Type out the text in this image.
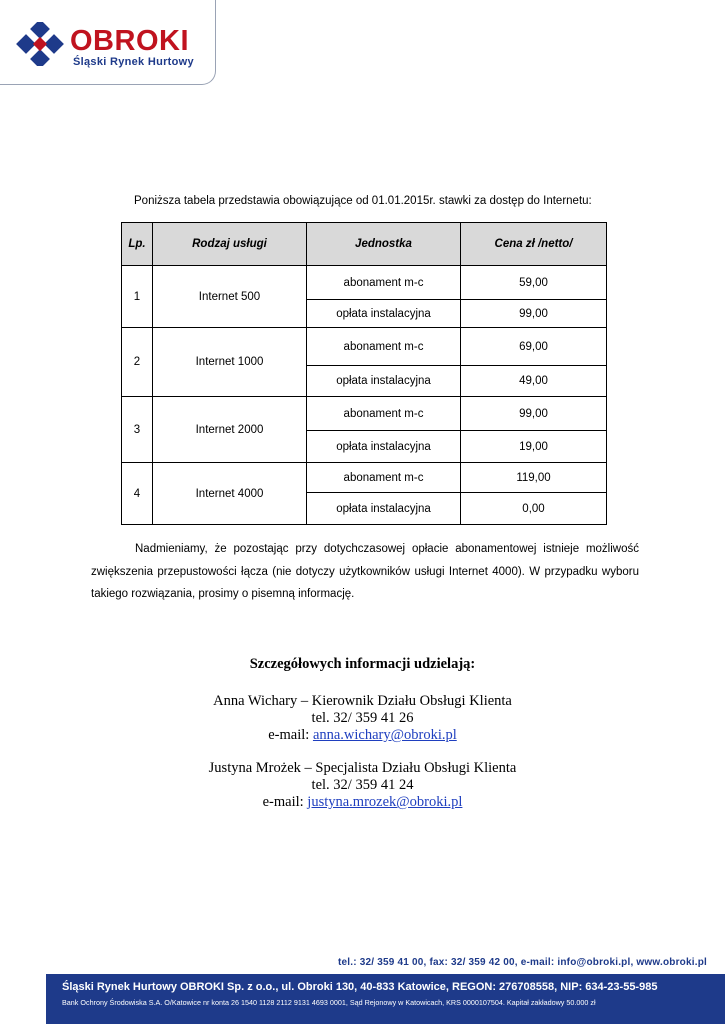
OBROKI
Śląski Rynek Hurtowy
Poniższa tabela przedstawia obowiązujące od 01.01.2015r. stawki za dostęp do Internetu:
Lp.	Rodzaj usługi	Jednostka	Cena zł /netto/
1	Internet 500	abonament m-c	59,00
		opłata instalacyjna	99,00
2	Internet 1000	abonament m-c	69,00
		opłata instalacyjna	49,00
3	Internet 2000	abonament m-c	99,00
		opłata instalacyjna	19,00
4	Internet 4000	abonament m-c	119,00
		opłata instalacyjna	0,00
Nadmieniamy, że pozostając przy dotychczasowej opłacie abonamentowej istnieje możliwość zwiększenia przepustowości łącza (nie dotyczy użytkowników usługi Internet 4000). W przypadku wyboru takiego rozwiązania, prosimy o pisemną informację.
Szczegółowych informacji udzielają:
Anna Wichary – Kierownik Działu Obsługi Klienta
tel. 32/ 359 41 26
e-mail: anna.wichary@obroki.pl
Justyna Mrożek – Specjalista Działu Obsługi Klienta
tel. 32/ 359 41 24
e-mail: justyna.mrozek@obroki.pl
tel.: 32/ 359 41 00, fax: 32/ 359 42 00, e-mail: info@obroki.pl, www.obroki.pl
Śląski Rynek Hurtowy OBROKI Sp. z o.o., ul. Obroki 130, 40-833 Katowice, REGON: 276708558, NIP: 634-23-55-985
Bank Ochrony Środowiska S.A. O/Katowice nr konta 26 1540 1128 2112 9131 4693 0001, Sąd Rejonowy w Katowicach, KRS 0000107504. Kapitał zakładowy 50.000 zł
